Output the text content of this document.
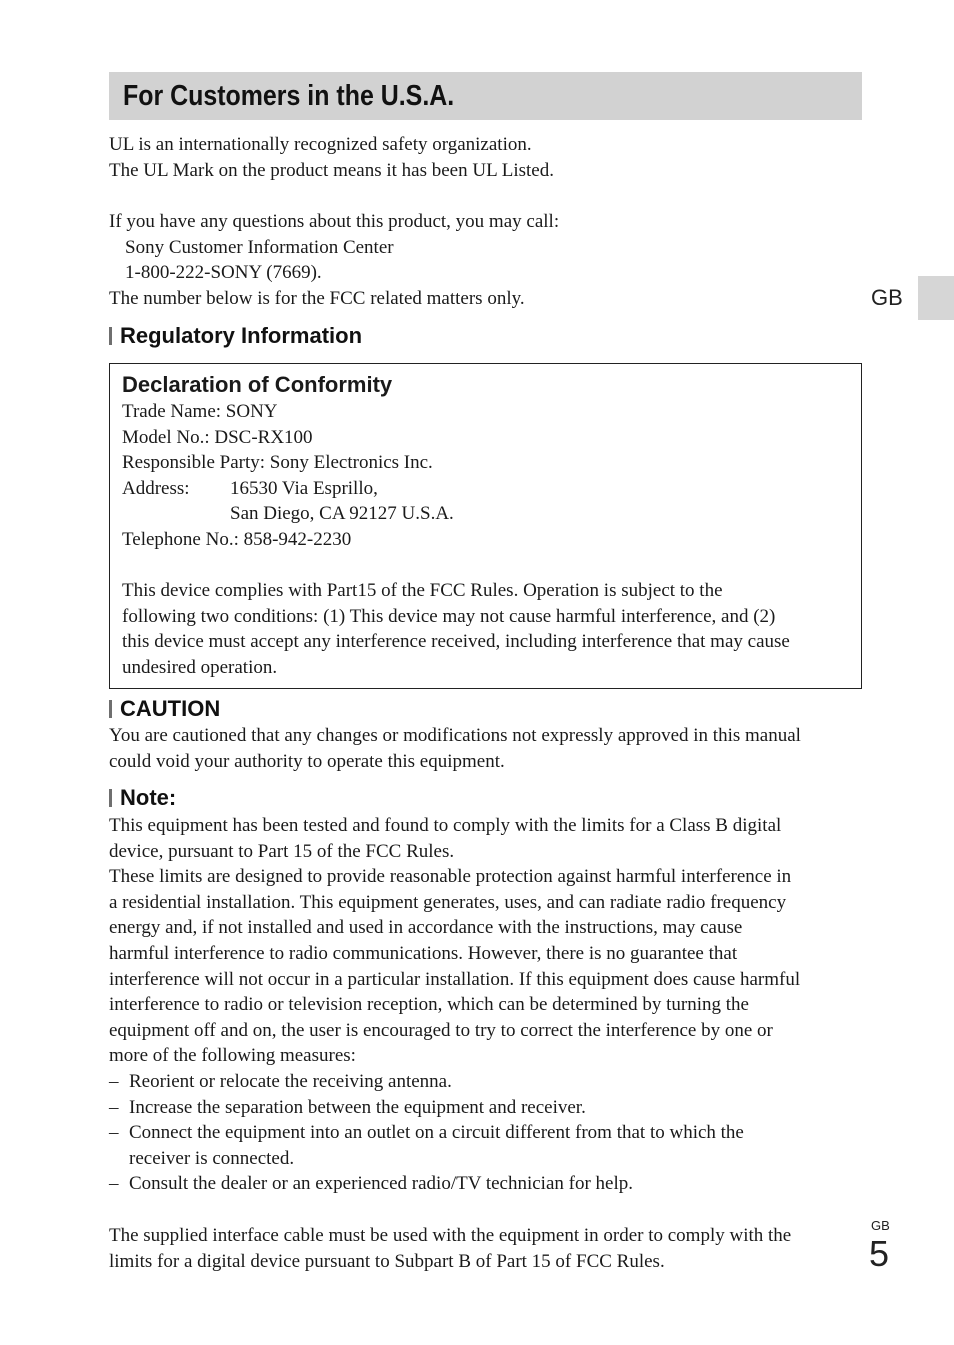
For Customers in the U.S.A.
UL is an internationally recognized safety organization.
The UL Mark on the product means it has been UL Listed.
If you have any questions about this product, you may call:
Sony Customer Information Center
1-800-222-SONY (7669).
The number below is for the FCC related matters only.
Regulatory Information
Declaration of Conformity
Trade Name: SONY
Model No.: DSC-RX100
Responsible Party: Sony Electronics Inc.
Address: 16530 Via Esprillo,
San Diego, CA 92127 U.S.A.
Telephone No.: 858-942-2230
This device complies with Part15 of the FCC Rules. Operation is subject to the
following two conditions: (1) This device may not cause harmful interference, and (2)
this device must accept any interference received, including interference that may cause
undesired operation.
CAUTION
You are cautioned that any changes or modifications not expressly approved in this manual
could void your authority to operate this equipment.
Note:
This equipment has been tested and found to comply with the limits for a Class B digital
device, pursuant to Part 15 of the FCC Rules.
These limits are designed to provide reasonable protection against harmful interference in
a residential installation. This equipment generates, uses, and can radiate radio frequency
energy and, if not installed and used in accordance with the instructions, may cause
harmful interference to radio communications. However, there is no guarantee that
interference will not occur in a particular installation. If this equipment does cause harmful
interference to radio or television reception, which can be determined by turning the
equipment off and on, the user is encouraged to try to correct the interference by one or
more of the following measures:
– Reorient or relocate the receiving antenna.
– Increase the separation between the equipment and receiver.
– Connect the equipment into an outlet on a circuit different from that to which the
receiver is connected.
– Consult the dealer or an experienced radio/TV technician for help.
The supplied interface cable must be used with the equipment in order to comply with the
limits for a digital device pursuant to Subpart B of Part 15 of FCC Rules.
GB
GB
5
